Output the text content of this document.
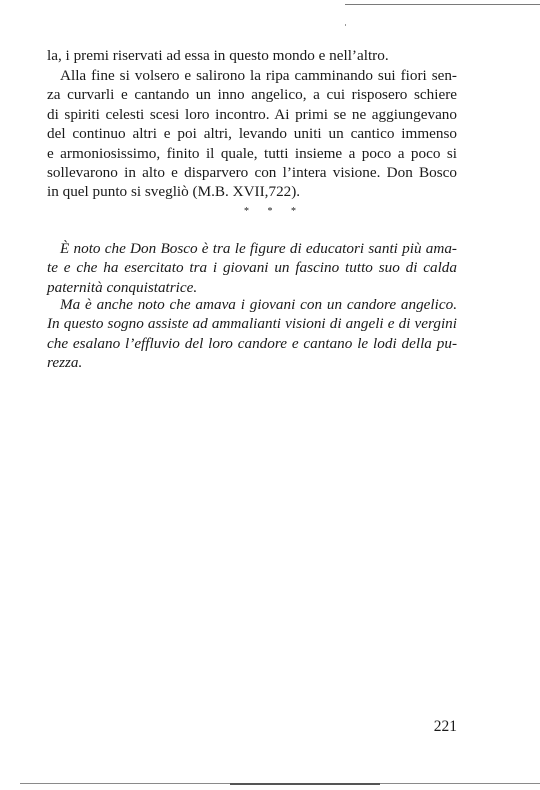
la, i premi riservati ad essa in questo mondo e nell’altro.
Alla fine si volsero e salirono la ripa camminando sui fiori sen-
za curvarli e cantando un inno angelico, a cui risposero schiere
di spiriti celesti scesi loro incontro. Ai primi se ne aggiungevano
del continuo altri e poi altri, levando uniti un cantico immenso
e armoniosissimo, finito il quale, tutti insieme a poco a poco si
sollevarono in alto e disparvero con l’intera visione. Don Bosco
in quel punto si svegliò (M.B. XVII,722).
* * *
È noto che Don Bosco è tra le figure di educatori santi più ama-
te e che ha esercitato tra i giovani un fascino tutto suo di calda
paternità conquistatrice.
Ma è anche noto che amava i giovani con un candore angelico.
In questo sogno assiste ad ammalianti visioni di angeli e di vergini
che esalano l’effluvio del loro candore e cantano le lodi della pu-
rezza.
221
